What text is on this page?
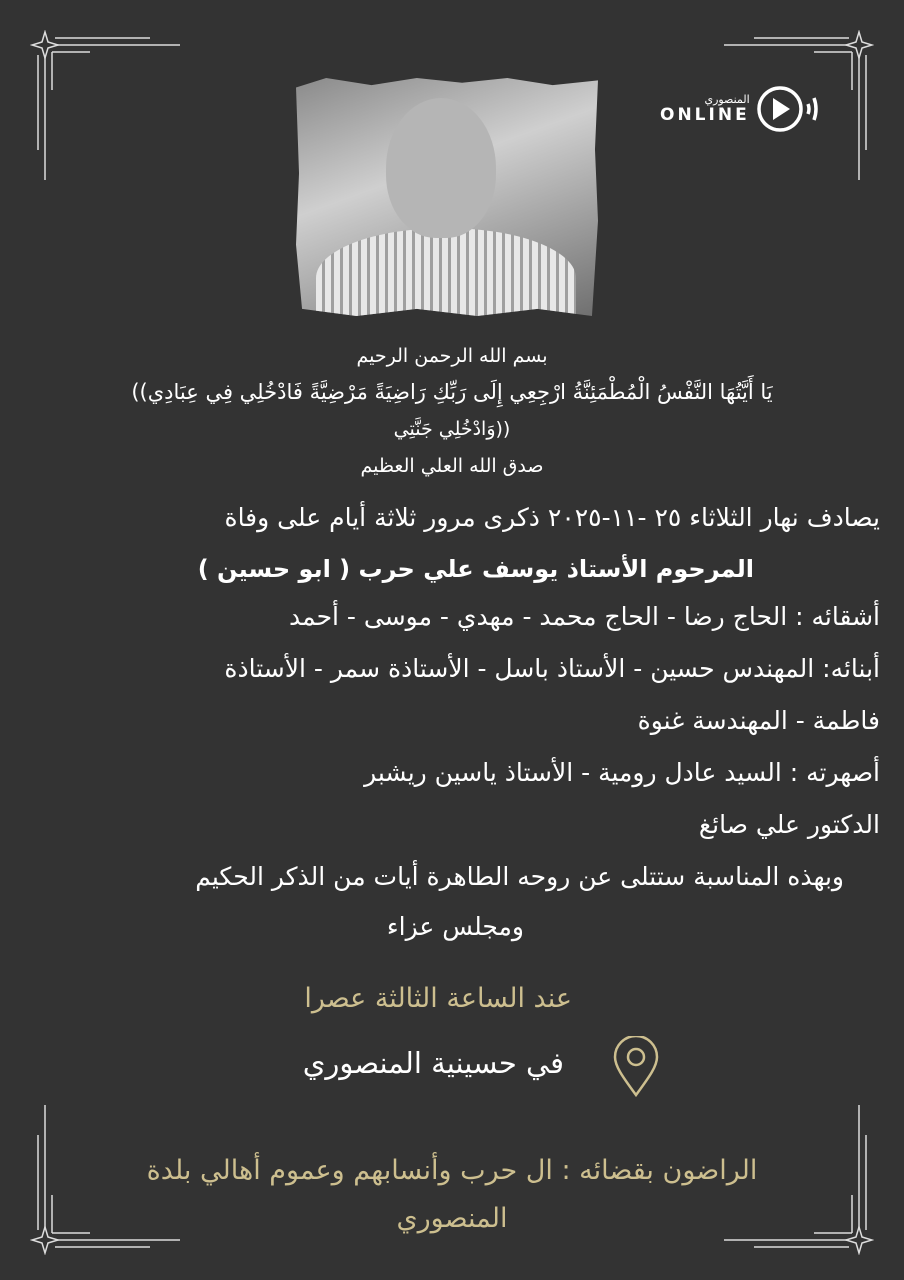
المنصوري
ONLINE
بسم الله الرحمن الرحيم
يَا أَيَّتُهَا النَّفْسُ الْمُطْمَئِنَّةُ ارْجِعِي إِلَى رَبِّكِ رَاضِيَةً مَرْضِيَّةً فَادْخُلِي فِي عِبَادِي))
((وَادْخُلِي جَنَّتِي
صدق الله العلي العظيم
يصادف نهار الثلاثاء ٢٥ -١١-٢٠٢٥ ذكرى مرور ثلاثة أيام على وفاة
المرحوم الأستاذ يوسف علي حرب ( ابو حسين )
أشقائه : الحاج رضا - الحاج محمد - مهدي - موسى - أحمد
أبنائه: المهندس حسين - الأستاذ باسل - الأستاذة سمر - الأستاذة
فاطمة - المهندسة غنوة
أصهرته : السيد عادل رومية - الأستاذ ياسين ريشبر
الدكتور علي صائغ
وبهذه المناسبة ستتلى عن روحه الطاهرة أيات من الذكر الحكيم
ومجلس عزاء
عند الساعة الثالثة عصرا
في حسينية المنصوري
الراضون بقضائه : ال حرب وأنسابهم وعموم أهالي بلدة
المنصوري
